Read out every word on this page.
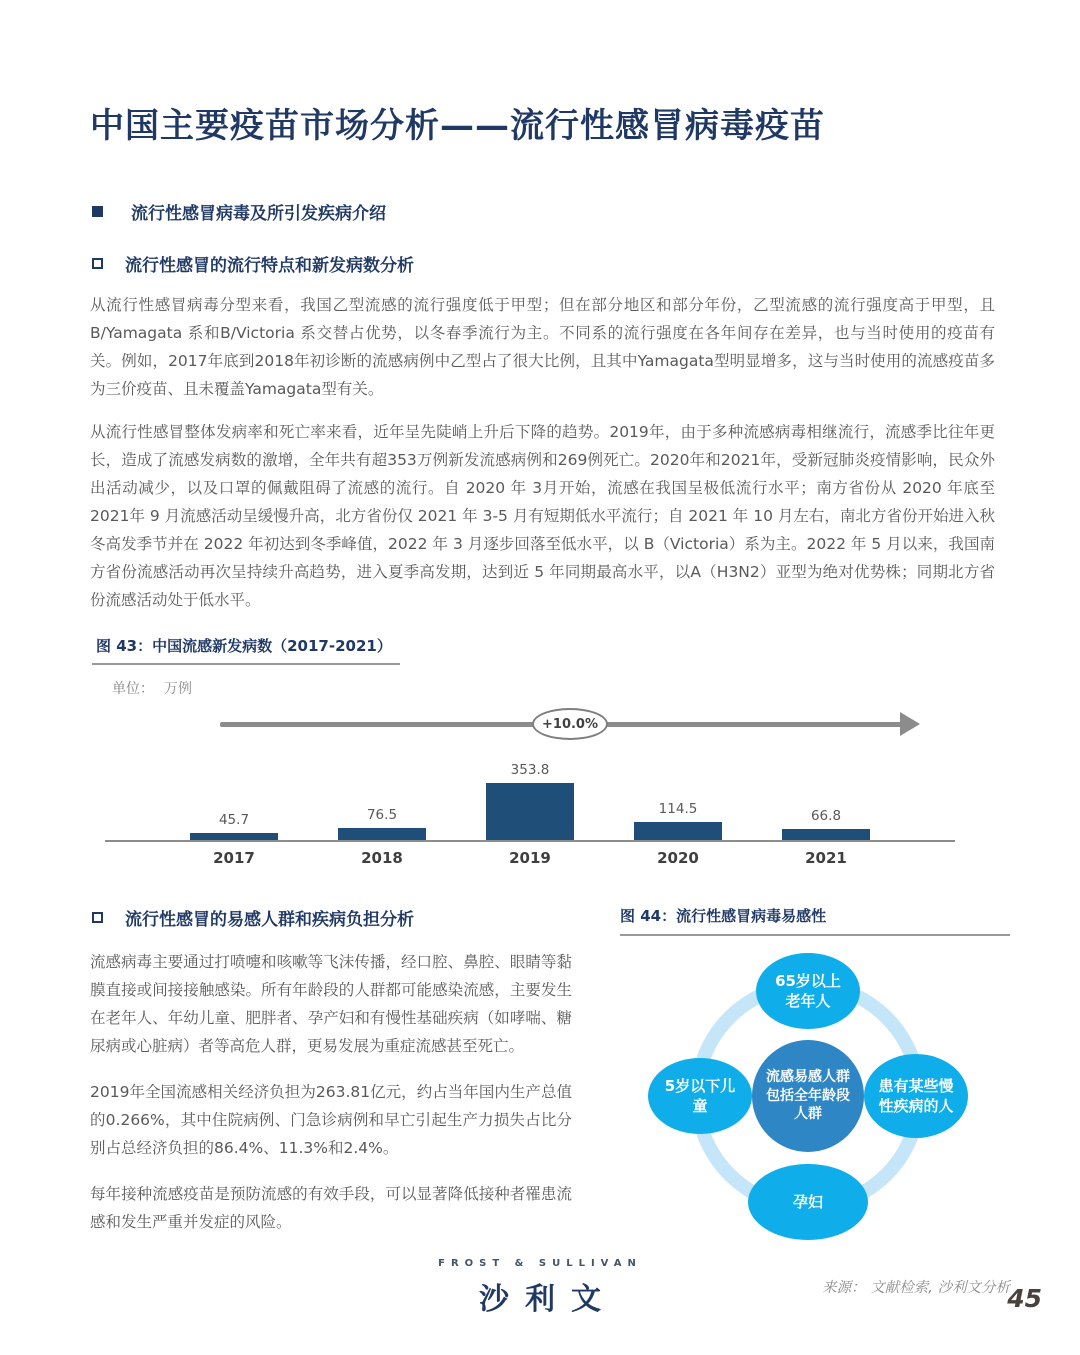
中国主要疫苗市场分析——流行性感冒病毒疫苗
流行性感冒病毒及所引发疾病介绍
流行性感冒的流行特点和新发病数分析

从流行性感冒病毒分型来看，我国乙型流感的流行强度低于甲型；但在部分地区和部分年份，乙型流感的流行强度高于甲型，且 B/Yamagata 系和B/Victoria 系交替占优势，以冬春季流行为主。不同系的流行强度在各年间存在差异，也与当时使用的疫苗有关。例如，2017年底到2018年初诊断的流感病例中乙型占了很大比例，且其中Yamagata型明显增多，这与当时使用的流感疫苗多为三价疫苗、且未覆盖Yamagata型有关。

从流行性感冒整体发病率和死亡率来看，近年呈先陡峭上升后下降的趋势。2019年，由于多种流感病毒相继流行，流感季比往年更长，造成了流感发病数的激增，全年共有超353万例新发流感病例和269例死亡。2020年和2021年，受新冠肺炎疫情影响，民众外出活动减少，以及口罩的佩戴阻碍了流感的流行。自 2020 年 3月开始，流感在我国呈极低流行水平；南方省份从 2020 年底至 2021年 9 月流感活动呈缓慢升高，北方省份仅 2021 年 3-5 月有短期低水平流行；自 2021 年 10 月左右，南北方省份开始进入秋冬高发季节并在 2022 年初达到冬季峰值，2022 年 3 月逐步回落至低水平，以 B（Victoria）系为主。2022 年 5 月以来，我国南方省份流感活动再次呈持续升高趋势，进入夏季高发期，达到近 5 年同期最高水平，以A（H3N2）亚型为绝对优势株；同期北方省份流感活动处于低水平。

图 43：中国流感新发病数（2017-2021）
单位： 万例
+10.0%
45.7	76.5
353.8
114.5	66.8
2017	2018	2019	2020	2021
流行性感冒的易感人群和疾病负担分析

流感病毒主要通过打喷嚏和咳嗽等飞沫传播，经口腔、鼻腔、眼睛等黏膜直接或间接接触感染。所有年龄段的人群都可能感染流感，主要发生在老年人、年幼儿童、肥胖者、孕产妇和有慢性基础疾病（如哮喘、糖尿病或心脏病）者等高危人群，更易发展为重症流感甚至死亡。

2019年全国流感相关经济负担为263.81亿元，约占当年国内生产总值的0.266%，其中住院病例、门急诊病例和早亡引起生产力损失占比分别占总经济负担的86.4%、11.3%和2.4%。

每年接种流感疫苗是预防流感的有效手段，可以显著降低接种者罹患流感和发生严重并发症的风险。

图 44：流行性感冒病毒易感性
65岁以上老年人
5岁以下儿童
患有某些慢性疾病的人
孕妇
流感易感人群包括全年龄段人群
来源： 文献检索, 沙利文分析
FROST & SULLIVAN
沙利文	45
